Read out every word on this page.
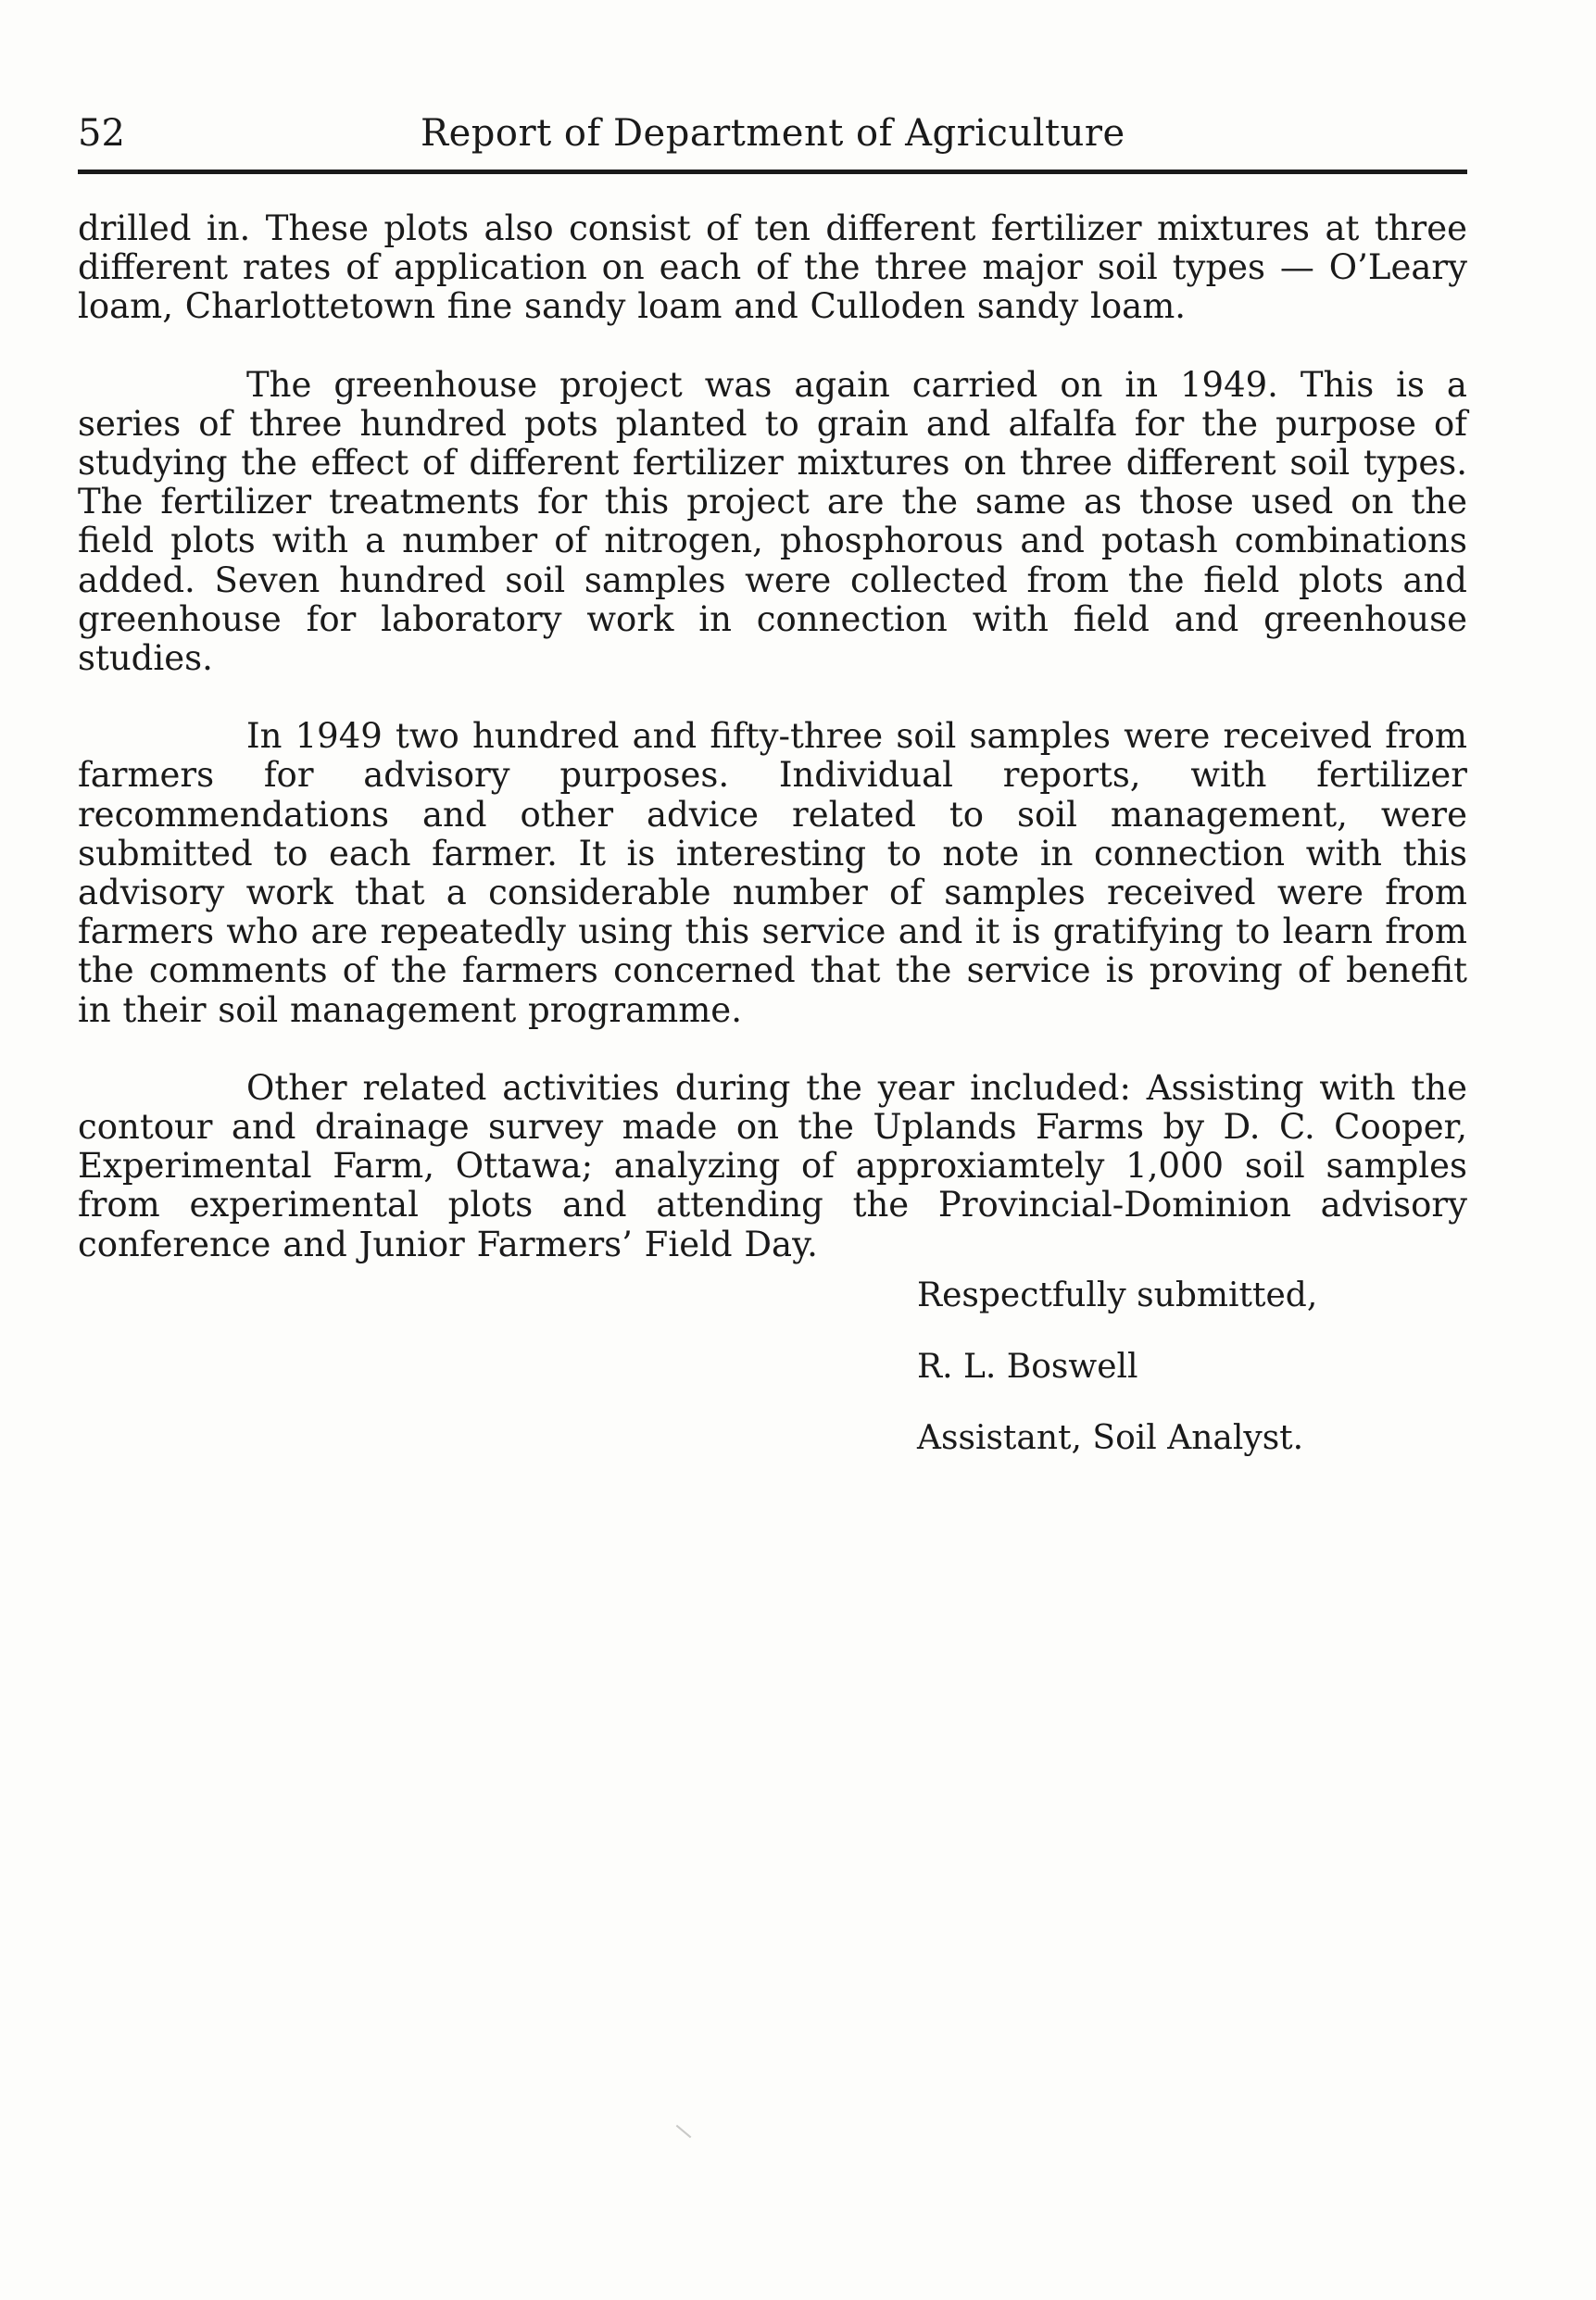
52	Report of Department of Agriculture

drilled in. These plots also consist of ten different fertilizer mixtures at three different rates of application on each of the three major soil types — O’Leary loam, Charlottetown fine sandy loam and Culloden sandy loam.

The greenhouse project was again carried on in 1949. This is a series of three hundred pots planted to grain and alfalfa for the purpose of studying the effect of different fertilizer mixtures on three different soil types. The fertilizer treatments for this project are the same as those used on the field plots with a number of nitrogen, phosphorous and potash combinations added. Seven hundred soil samples were collected from the field plots and greenhouse for laboratory work in connection with field and greenhouse studies.

In 1949 two hundred and fifty-three soil samples were received from farmers for advisory purposes. Individual reports, with fertilizer recommendations and other advice related to soil management, were submitted to each farmer. It is interesting to note in connection with this advisory work that a considerable number of samples received were from farmers who are repeatedly using this service and it is gratifying to learn from the comments of the farmers concerned that the service is proving of benefit in their soil management programme.

Other related activities during the year included: Assisting with the contour and drainage survey made on the Uplands Farms by D. C. Cooper, Experimental Farm, Ottawa; analyzing of approxiamtely 1,000 soil samples from experimental plots and attending the Provincial-Dominion advisory conference and Junior Farmers’ Field Day.

Respectfully submitted,
R. L. Boswell
Assistant, Soil Analyst.
